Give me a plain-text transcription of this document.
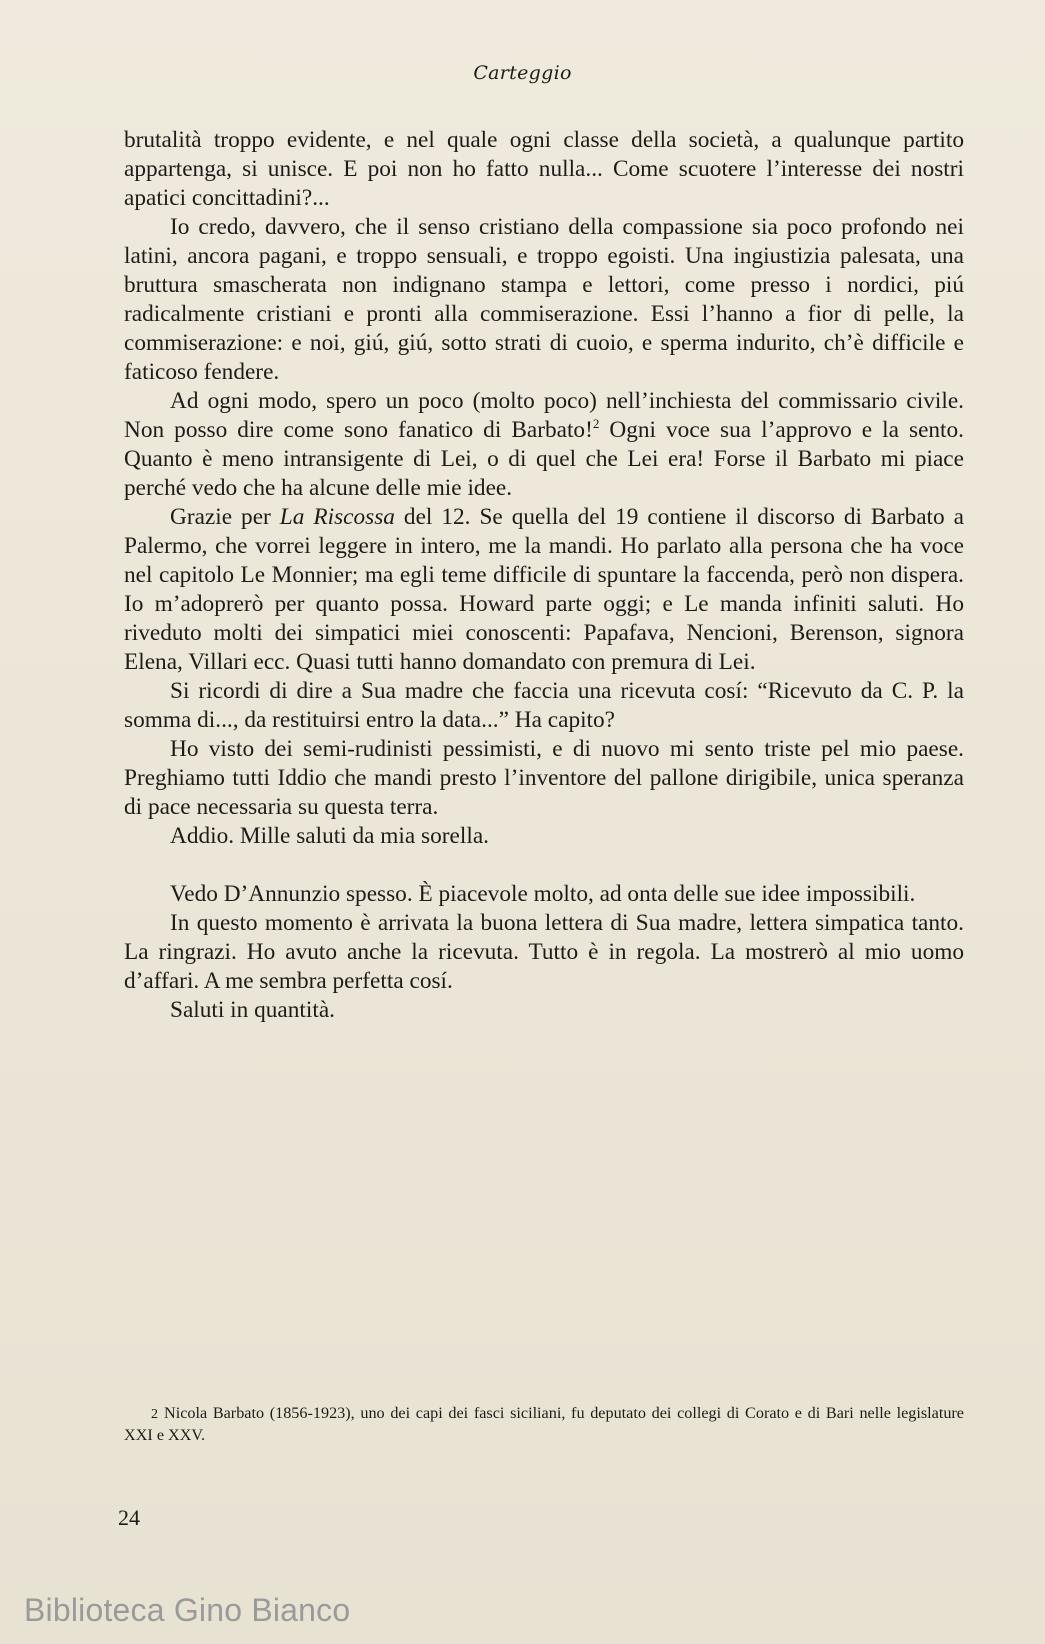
Carteggio

brutalità troppo evidente, e nel quale ogni classe della società, a qualunque partito appartenga, si unisce. E poi non ho fatto nulla... Come scuotere l’interesse dei nostri apatici concittadini?...

Io credo, davvero, che il senso cristiano della compassione sia poco profondo nei latini, ancora pagani, e troppo sensuali, e troppo egoisti. Una ingiustizia palesata, una bruttura smascherata non indignano stampa e lettori, come presso i nordici, piú radicalmente cristiani e pronti alla commiserazione. Essi l’hanno a fior di pelle, la commiserazione: e noi, giú, giú, sotto strati di cuoio, e sperma indurito, ch’è difficile e faticoso fendere.

Ad ogni modo, spero un poco (molto poco) nell’inchiesta del commissario civile. Non posso dire come sono fanatico di Barbato!$^2$ Ogni voce sua l’approvo e la sento. Quanto è meno intransigente di Lei, o di quel che Lei era! Forse il Barbato mi piace perché vedo che ha alcune delle mie idee.

Grazie per La Riscossa del 12. Se quella del 19 contiene il discorso di Barbato a Palermo, che vorrei leggere in intero, me la mandi. Ho parlato alla persona che ha voce nel capitolo Le Monnier; ma egli teme difficile di spuntare la faccenda, però non dispera. Io m’adoprerò per quanto possa. Howard parte oggi; e Le manda infiniti saluti. Ho riveduto molti dei simpatici miei conoscenti: Papafava, Nencioni, Berenson, signora Elena, Villari ecc. Quasi tutti hanno domandato con premura di Lei.

Si ricordi di dire a Sua madre che faccia una ricevuta cosí: “Ricevuto da C. P. la somma di..., da restituirsi entro la data...” Ha capito?

Ho visto dei semi-rudinisti pessimisti, e di nuovo mi sento triste pel mio paese. Preghiamo tutti Iddio che mandi presto l’inventore del pallone dirigibile, unica speranza di pace necessaria su questa terra.

Addio. Mille saluti da mia sorella.

Vedo D’Annunzio spesso. È piacevole molto, ad onta delle sue idee impossibili.

In questo momento è arrivata la buona lettera di Sua madre, lettera simpatica tanto. La ringrazi. Ho avuto anche la ricevuta. Tutto è in regola. La mostrerò al mio uomo d’affari. A me sembra perfetta cosí.

Saluti in quantità.

2 Nicola Barbato (1856-1923), uno dei capi dei fasci siciliani, fu deputato dei collegi di Corato e di Bari nelle legislature XXI e XXV.
24
Biblioteca Gino Bianco
